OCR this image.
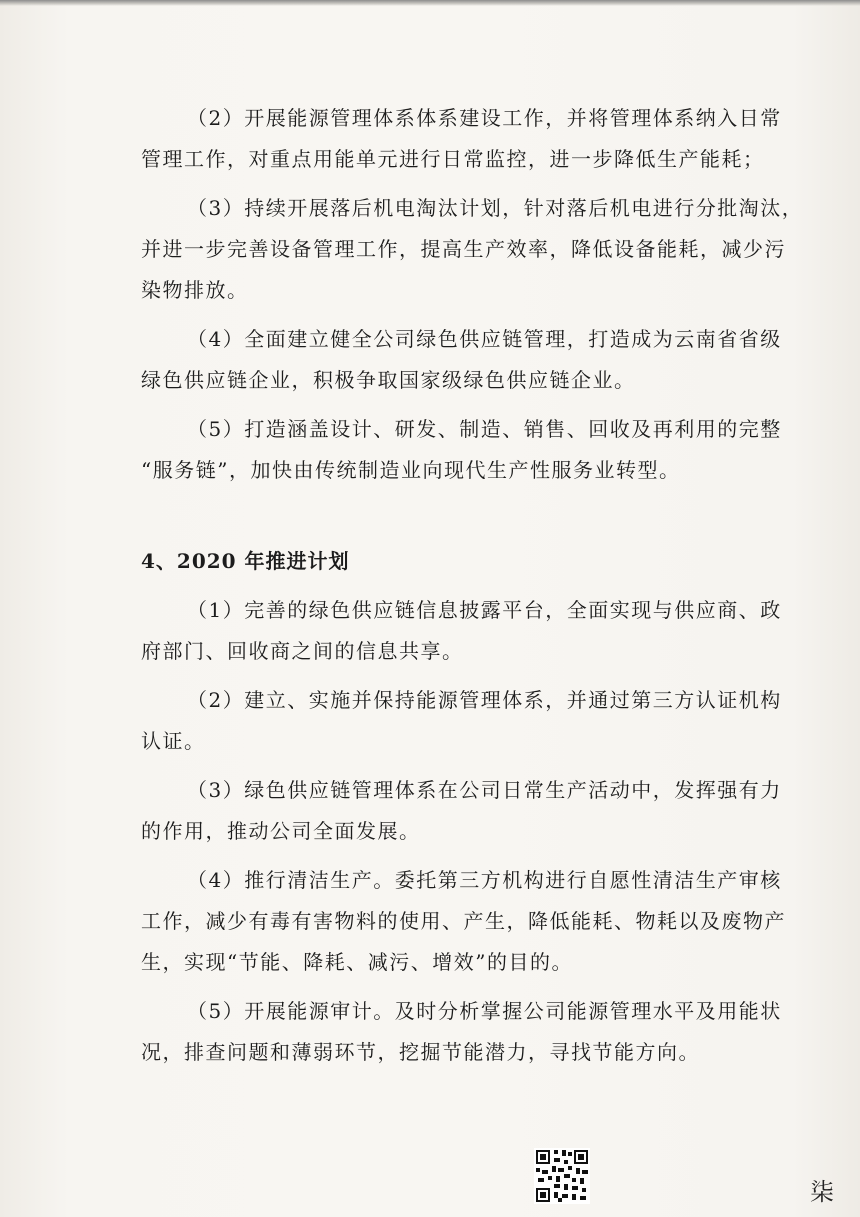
（2）开展能源管理体系体系建设工作，并将管理体系纳入日常
管理工作，对重点用能单元进行日常监控，进一步降低生产能耗；

（3）持续开展落后机电淘汰计划，针对落后机电进行分批淘汰，
并进一步完善设备管理工作，提高生产效率，降低设备能耗，减少污
染物排放。

（4）全面建立健全公司绿色供应链管理，打造成为云南省省级
绿色供应链企业，积极争取国家级绿色供应链企业。

（5）打造涵盖设计、研发、制造、销售、回收及再利用的完整
“服务链”，加快由传统制造业向现代生产性服务业转型。

4、2020 年推进计划

（1）完善的绿色供应链信息披露平台，全面实现与供应商、政
府部门、回收商之间的信息共享。

（2）建立、实施并保持能源管理体系，并通过第三方认证机构
认证。

（3）绿色供应链管理体系在公司日常生产活动中，发挥强有力
的作用，推动公司全面发展。

（4）推行清洁生产。委托第三方机构进行自愿性清洁生产审核
工作，减少有毒有害物料的使用、产生，降低能耗、物耗以及废物产
生，实现“节能、降耗、减污、增效”的目的。

（5）开展能源审计。及时分析掌握公司能源管理水平及用能状
况，排查问题和薄弱环节，挖掘节能潜力，寻找节能方向。

柒
